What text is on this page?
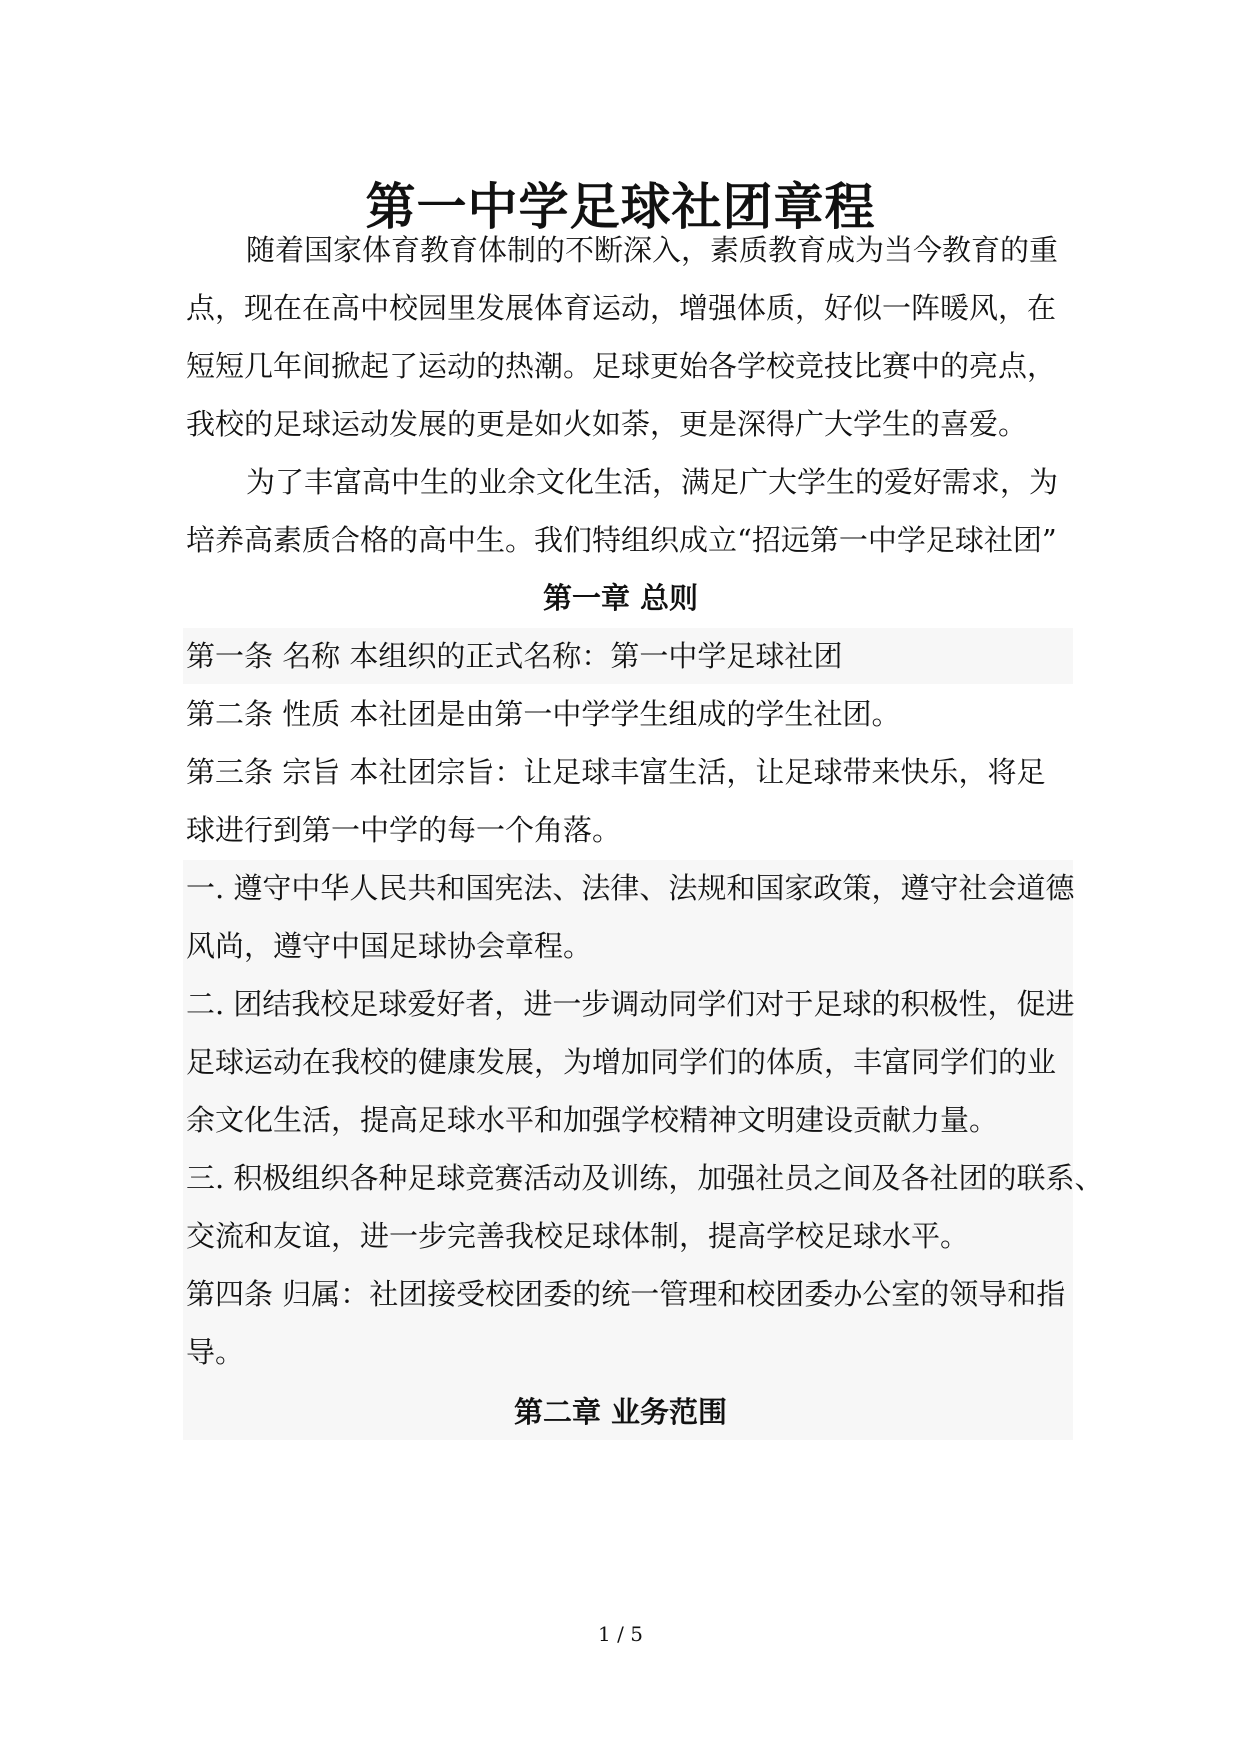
第一中学足球社团章程
随着国家体育教育体制的不断深入，素质教育成为当今教育的重
点，现在在高中校园里发展体育运动，增强体质，好似一阵暖风，在
短短几年间掀起了运动的热潮。足球更始各学校竞技比赛中的亮点，
我校的足球运动发展的更是如火如荼，更是深得广大学生的喜爱。
为了丰富高中生的业余文化生活，满足广大学生的爱好需求，为
培养高素质合格的高中生。我们特组织成立“招远第一中学足球社团”
第一章 总则
第一条 名称 本组织的正式名称：第一中学足球社团
第二条 性质 本社团是由第一中学学生组成的学生社团。
第三条 宗旨 本社团宗旨：让足球丰富生活，让足球带来快乐，将足
球进行到第一中学的每一个角落。
一. 遵守中华人民共和国宪法、法律、法规和国家政策，遵守社会道德
风尚，遵守中国足球协会章程。
二. 团结我校足球爱好者，进一步调动同学们对于足球的积极性，促进
足球运动在我校的健康发展，为增加同学们的体质，丰富同学们的业
余文化生活，提高足球水平和加强学校精神文明建设贡献力量。
三. 积极组织各种足球竞赛活动及训练，加强社员之间及各社团的联系、
交流和友谊，进一步完善我校足球体制，提高学校足球水平。
第四条 归属：社团接受校团委的统一管理和校团委办公室的领导和指
导。
第二章 业务范围
1 / 5
